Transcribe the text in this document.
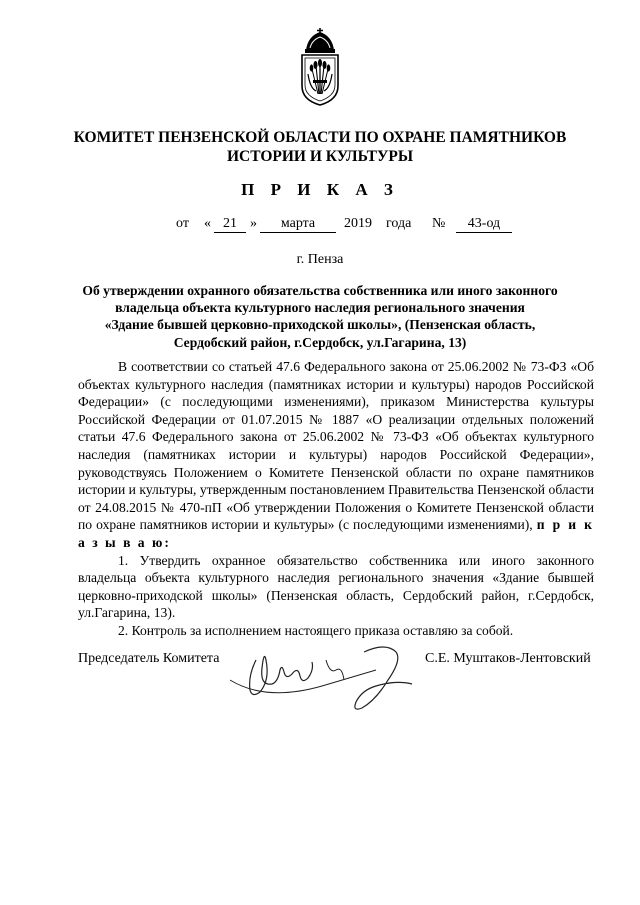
КОМИТЕТ ПЕНЗЕНСКОЙ ОБЛАСТИ ПО ОХРАНЕ ПАМЯТНИКОВ
ИСТОРИИ И КУЛЬТУРЫ
П Р И К А З
от « 21 »	марта	2019 года №	43-од
г. Пенза
Об утверждении охранного обязательства собственника или иного законного
владельца объекта культурного наследия регионального значения
«Здание бывшей церковно-приходской школы», (Пензенская область,
Сердобский район, г.Сердобск, ул.Гагарина, 13)

В соответствии со статьей 47.6 Федерального закона от 25.06.2002 № 73-ФЗ «Об объектах культурного наследия (памятниках истории и культуры) народов Российской Федерации» (с последующими изменениями), приказом Министерства культуры Российской Федерации от 01.07.2015 № 1887 «О реализации отдельных положений статьи 47.6 Федерального закона от 25.06.2002 № 73-ФЗ «Об объектах культурного наследия (памятниках истории и культуры) народов Российской Федерации», руководствуясь Положением о Комитете Пензенской области по охране памятников истории и культуры, утвержденным постановлением Правительства Пензенской области от 24.08.2015 № 470-пП «Об утверждении Положения о Комитете Пензенской области по охране памятников истории и культуры» (с последующими изменениями), п р и к а з ы в а ю:

1. Утвердить охранное обязательство собственника или иного законного владельца объекта культурного наследия регионального значения «Здание бывшей церковно-приходской школы» (Пензенская область, Сердобский район, г.Сердобск, ул.Гагарина, 13).

2. Контроль за исполнением настоящего приказа оставляю за собой.

Председатель Комитета	С.Е. Муштаков-Лентовский
